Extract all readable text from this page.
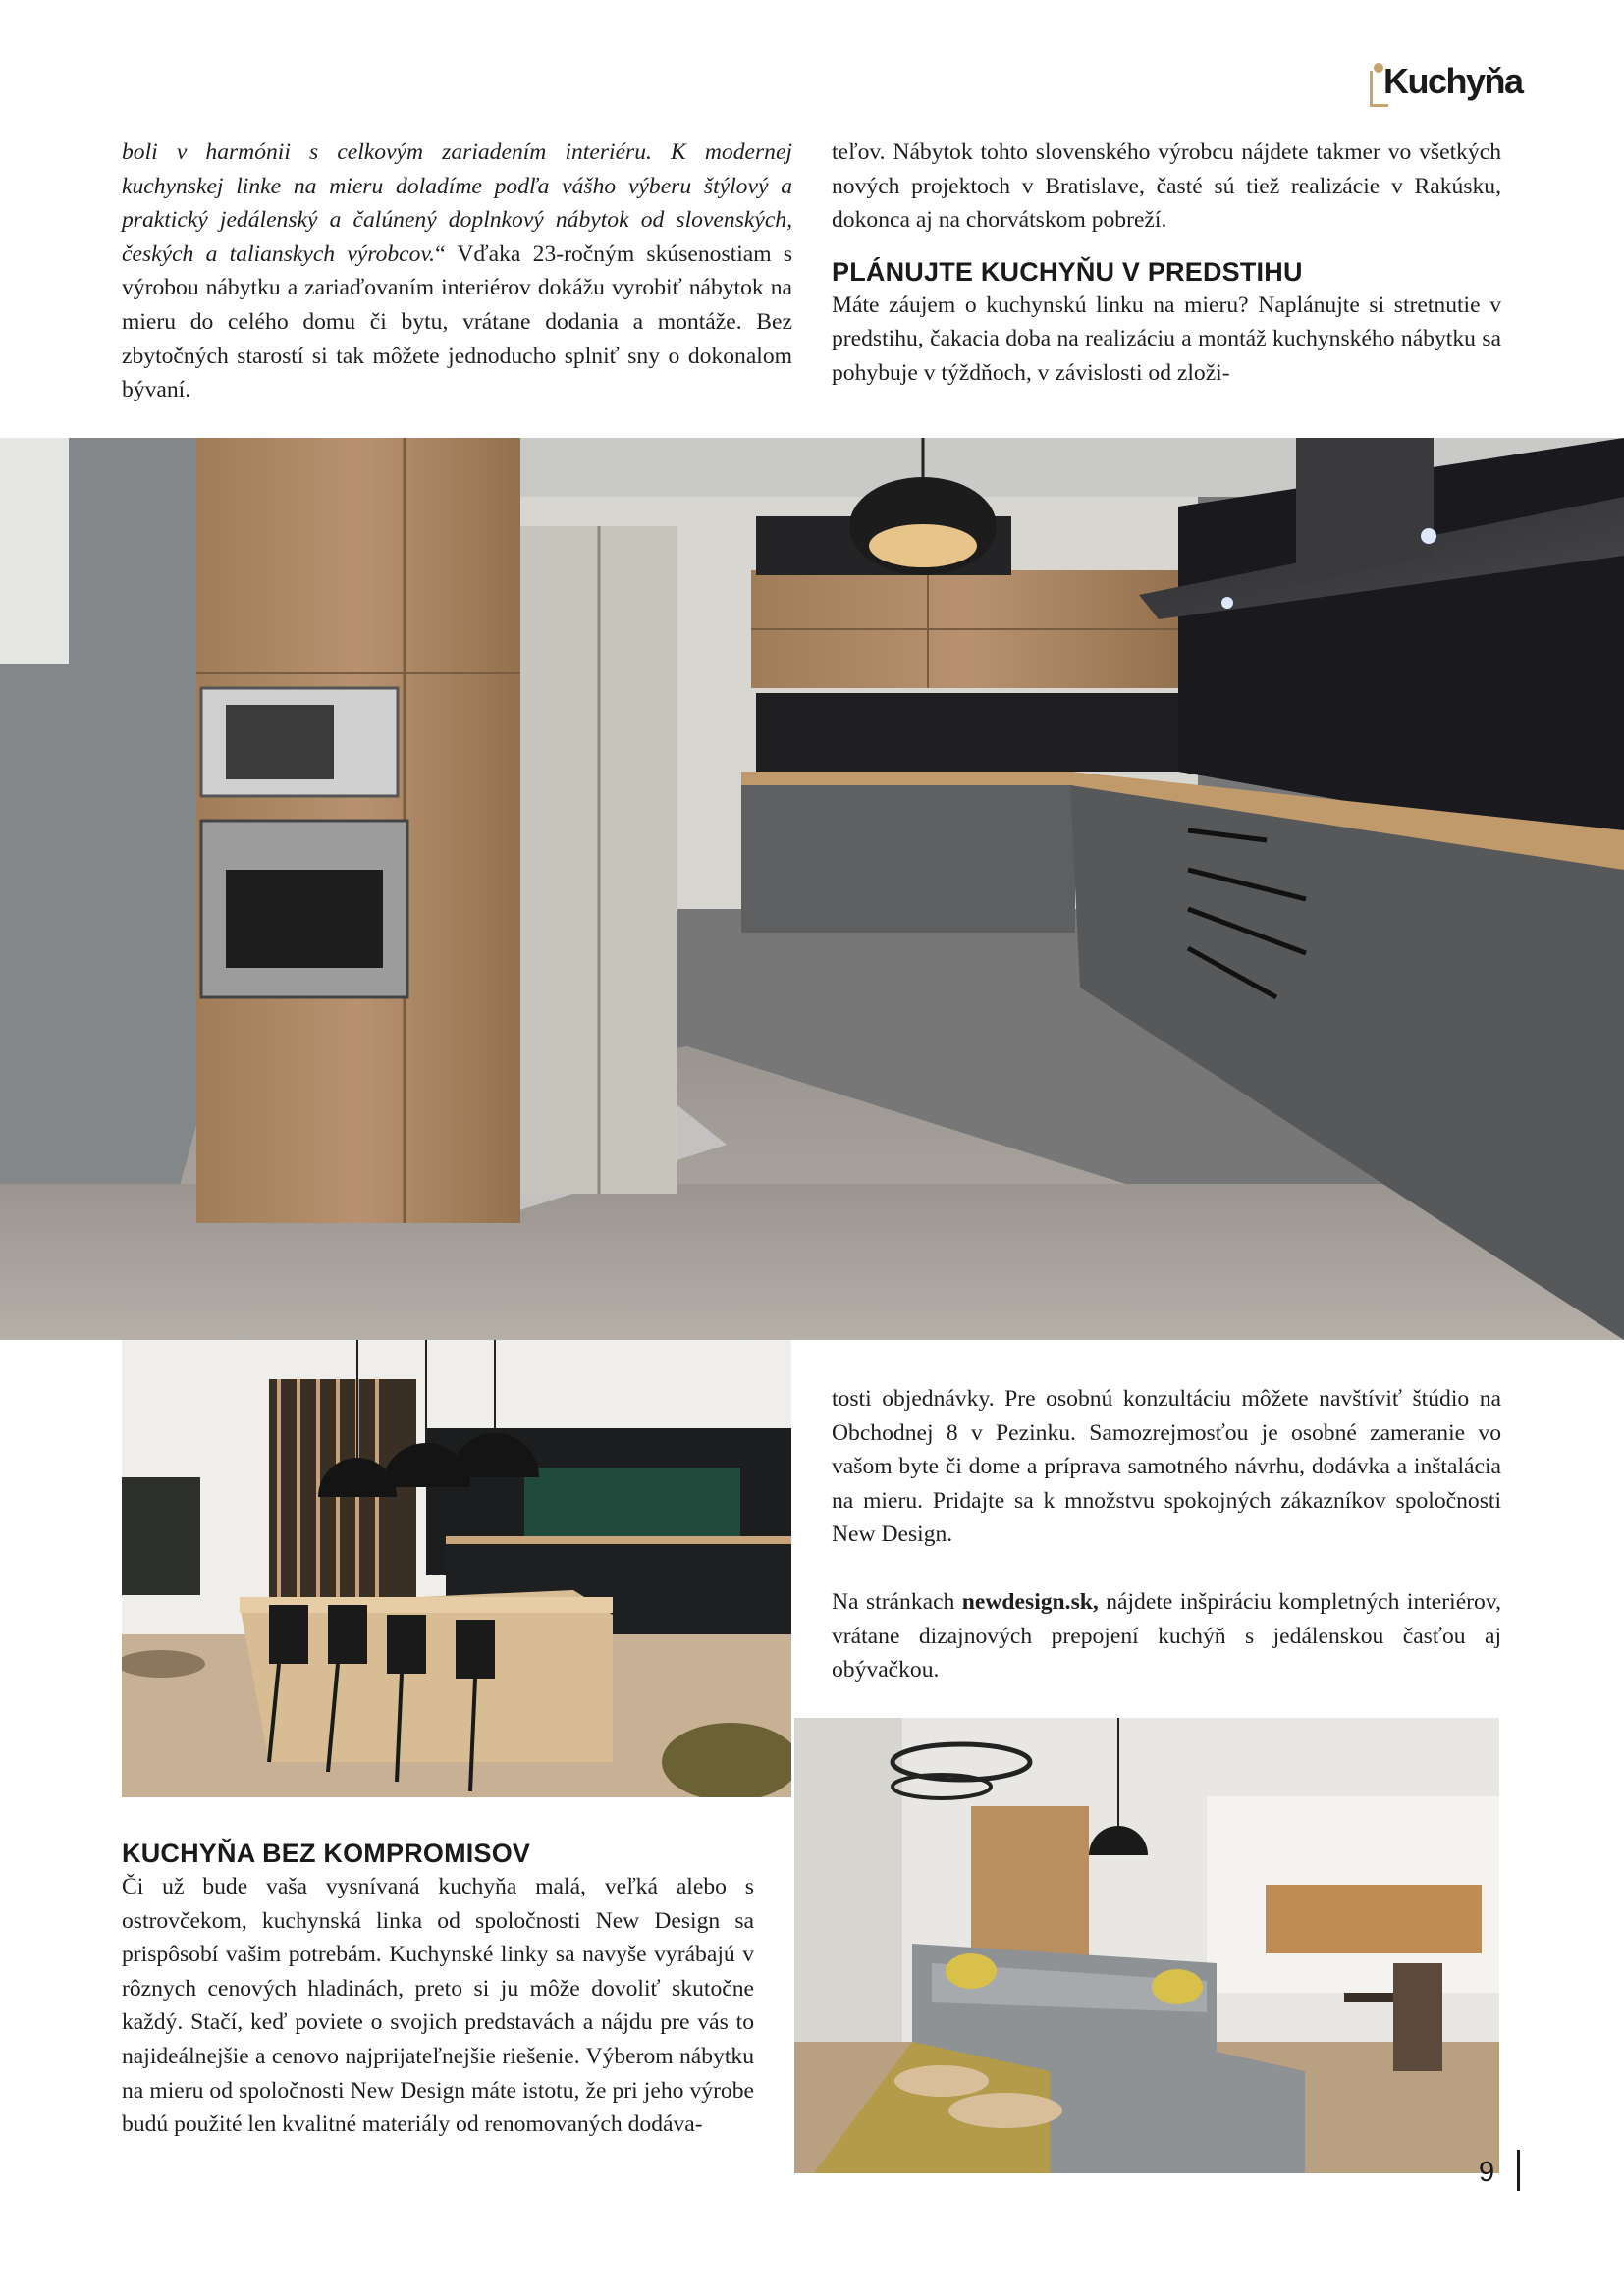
Kuchyňa

boli v harmónii s celkovým zariadením interiéru. K modernej kuchynskej linke na mieru doladíme podľa vášho výberu štýlový a praktický jedálenský a čalúnený doplnkový nábytok od slovenských, českých a talianskych výrobcov.“ Vďaka 23-ročným skúsenostiam s výrobou nábytku a zariaďovaním interiérov dokážu vyrobiť nábytok na mieru do celého domu či bytu, vrátane dodania a montáže. Bez zbytočných starostí si tak môžete jednoducho splniť sny o dokonalom bývaní.

teľov. Nábytok tohto slovenského výrobcu nájdete takmer vo všetkých nových projektoch v Bratislave, časté sú tiež realizácie v Rakúsku, dokonca aj na chorvátskom pobreží.

PLÁNUJTE KUCHYŇU V PREDSTIHU

Máte záujem o kuchynskú linku na mieru? Naplánujte si stretnutie v predstihu, čakacia doba na realizáciu a montáž kuchynského nábytku sa pohybuje v týždňoch, v závislosti od zloži-

tosti objednávky. Pre osobnú konzultáciu môžete navštíviť štúdio na Obchodnej 8 v Pezinku. Samozrejmosťou je osobné zameranie vo vašom byte či dome a príprava samotného návrhu, dodávka a inštalácia na mieru. Pridajte sa k množstvu spokojných zákazníkov spoločnosti New Design.

Na stránkach newdesign.sk, nájdete inšpiráciu kompletných interiérov, vrátane dizajnových prepojení kuchýň s jedálenskou časťou aj obývačkou.

KUCHYŇA BEZ KOMPROMISOV

Či už bude vaša vysnívaná kuchyňa malá, veľká alebo s ostrovčekom, kuchynská linka od spoločnosti New Design sa prispôsobí vašim potrebám. Kuchynské linky sa navyše vyrábajú v rôznych cenových hladinách, preto si ju môže dovoliť skutočne každý. Stačí, keď poviete o svojich predstavách a nájdu pre vás to najideálnejšie a cenovo najprijateľnejšie riešenie. Výberom nábytku na mieru od spoločnosti New Design máte istotu, že pri jeho výrobe budú použité len kvalitné materiály od renomovaných dodáva-

9
